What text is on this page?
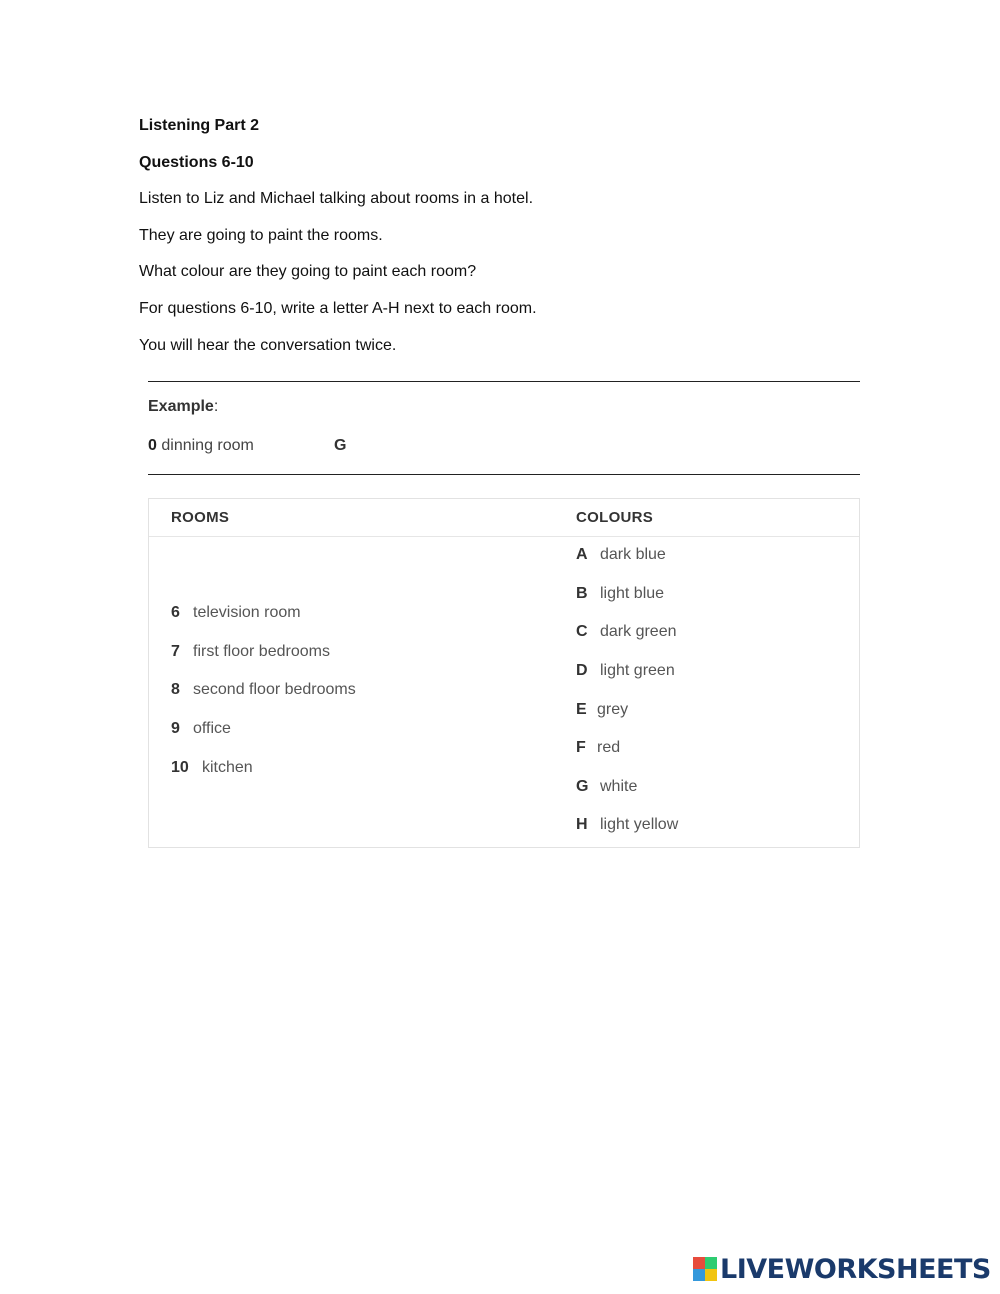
Listening Part 2
Questions 6-10
Listen to Liz and Michael talking about rooms in a hotel.
They are going to paint the rooms.
What colour are they going to paint each room?
For questions 6-10, write a letter A-H next to each room.
You will hear the conversation twice.
Example:
0 dinning room	G
ROOMS	COLOURS
6 television room
7 first floor bedrooms
8 second floor bedrooms
9 office
10 kitchen
A dark blue
B light blue
C dark green
D light green
E grey
F red
G white
H light yellow
LIVEWORKSHEETS
